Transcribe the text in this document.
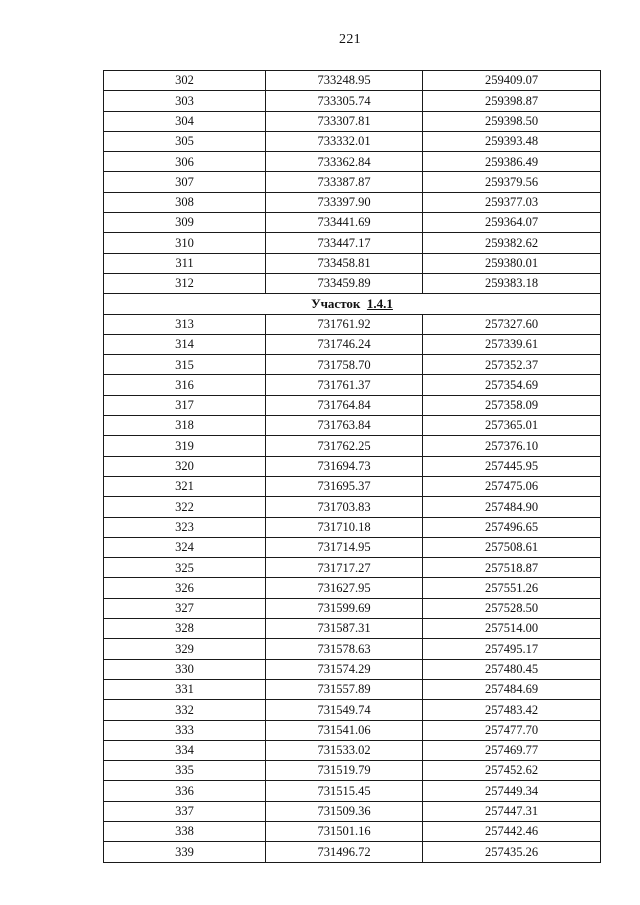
221
302	733248.95	259409.07
303	733305.74	259398.87
304	733307.81	259398.50
305	733332.01	259393.48
306	733362.84	259386.49
307	733387.87	259379.56
308	733397.90	259377.03
309	733441.69	259364.07
310	733447.17	259382.62
311	733458.81	259380.01
312	733459.89	259383.18
Участок 1.4.1		
313	731761.92	257327.60
314	731746.24	257339.61
315	731758.70	257352.37
316	731761.37	257354.69
317	731764.84	257358.09
318	731763.84	257365.01
319	731762.25	257376.10
320	731694.73	257445.95
321	731695.37	257475.06
322	731703.83	257484.90
323	731710.18	257496.65
324	731714.95	257508.61
325	731717.27	257518.87
326	731627.95	257551.26
327	731599.69	257528.50
328	731587.31	257514.00
329	731578.63	257495.17
330	731574.29	257480.45
331	731557.89	257484.69
332	731549.74	257483.42
333	731541.06	257477.70
334	731533.02	257469.77
335	731519.79	257452.62
336	731515.45	257449.34
337	731509.36	257447.31
338	731501.16	257442.46
339	731496.72	257435.26
